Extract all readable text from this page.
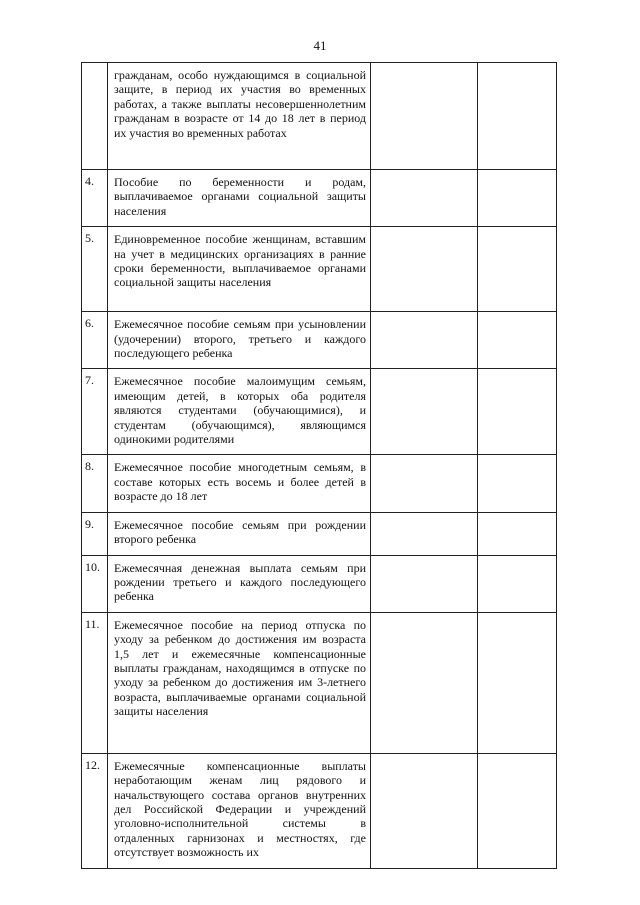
41

	гражданам, особо нуждающимся в социальной защите, в период их участия во временных работах, а также выплаты несовершеннолетним гражданам в возрасте от 14 до 18 лет в период их участия во временных работах		

4.	Пособие по беременности и родам, выплачиваемое органами социальной защиты населения		

5.	Единовременное пособие женщинам, вставшим на учет в медицинских организациях в ранние сроки беременности, выплачиваемое органами социальной защиты населения		

6.	Ежемесячное пособие семьям при усыновлении (удочерении) второго, третьего и каждого последующего ребенка		

7.	Ежемесячное пособие малоимущим семьям, имеющим детей, в которых оба родителя являются студентами (обучающимися), и студентам (обучающимся), являющимся одинокими родителями		

8.	Ежемесячное пособие многодетным семьям, в составе которых есть восемь и более детей в возрасте до 18 лет		

9.	Ежемесячное пособие семьям при рождении второго ребенка		

10.	Ежемесячная денежная выплата семьям при рождении третьего и каждого последующего ребенка		

11.	Ежемесячное пособие на период отпуска по уходу за ребенком до достижения им возраста 1,5 лет и ежемесячные компенсационные выплаты гражданам, находящимся в отпуске по уходу за ребенком до достижения им 3-летнего возраста, выплачиваемые органами социальной защиты населения		

12.	Ежемесячные компенсационные выплаты неработающим женам лиц рядового и начальствующего состава органов внутренних дел Российской Федерации и учреждений уголовно-исполнительной системы в отдаленных гарнизонах и местностях, где отсутствует возможность их		
